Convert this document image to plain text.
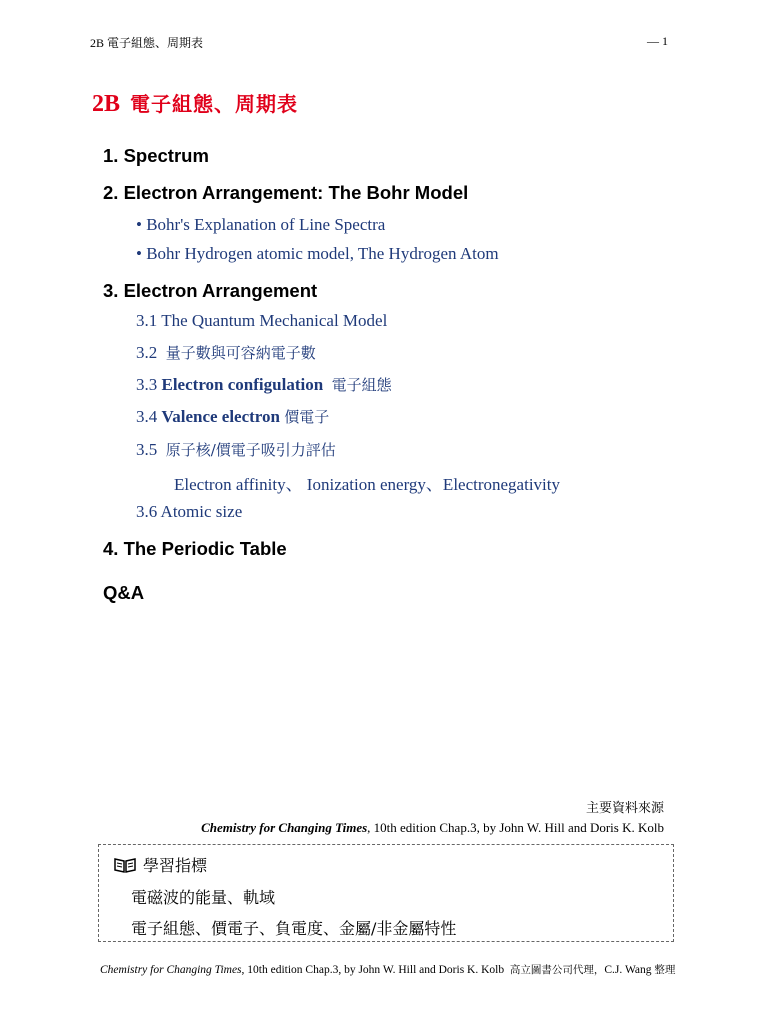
2B 電子組態、周期表	— 1
2B 電子組態、周期表
1. Spectrum
2. Electron Arrangement: The Bohr Model
• Bohr's Explanation of Line Spectra
• Bohr Hydrogen atomic model, The Hydrogen Atom
3. Electron Arrangement
3.1 The Quantum Mechanical Model
3.2 量子數與可容納電子數
3.3 Electron configulation 電子組態
3.4 Valence electron 價電子
3.5 原子核/價電子吸引力評估
Electron affinity、 Ionization energy、Electronegativity
3.6 Atomic size
4. The Periodic Table
Q&A
主要資料來源
Chemistry for Changing Times, 10th edition Chap.3, by John W. Hill and Doris K. Kolb
學習指標
電磁波的能量、軌域
電子組態、價電子、負電度、金屬/非金屬特性
Chemistry for Changing Times, 10th edition Chap.3, by John W. Hill and Doris K. Kolb 高立圖書公司代理，C.J. Wang 整理
